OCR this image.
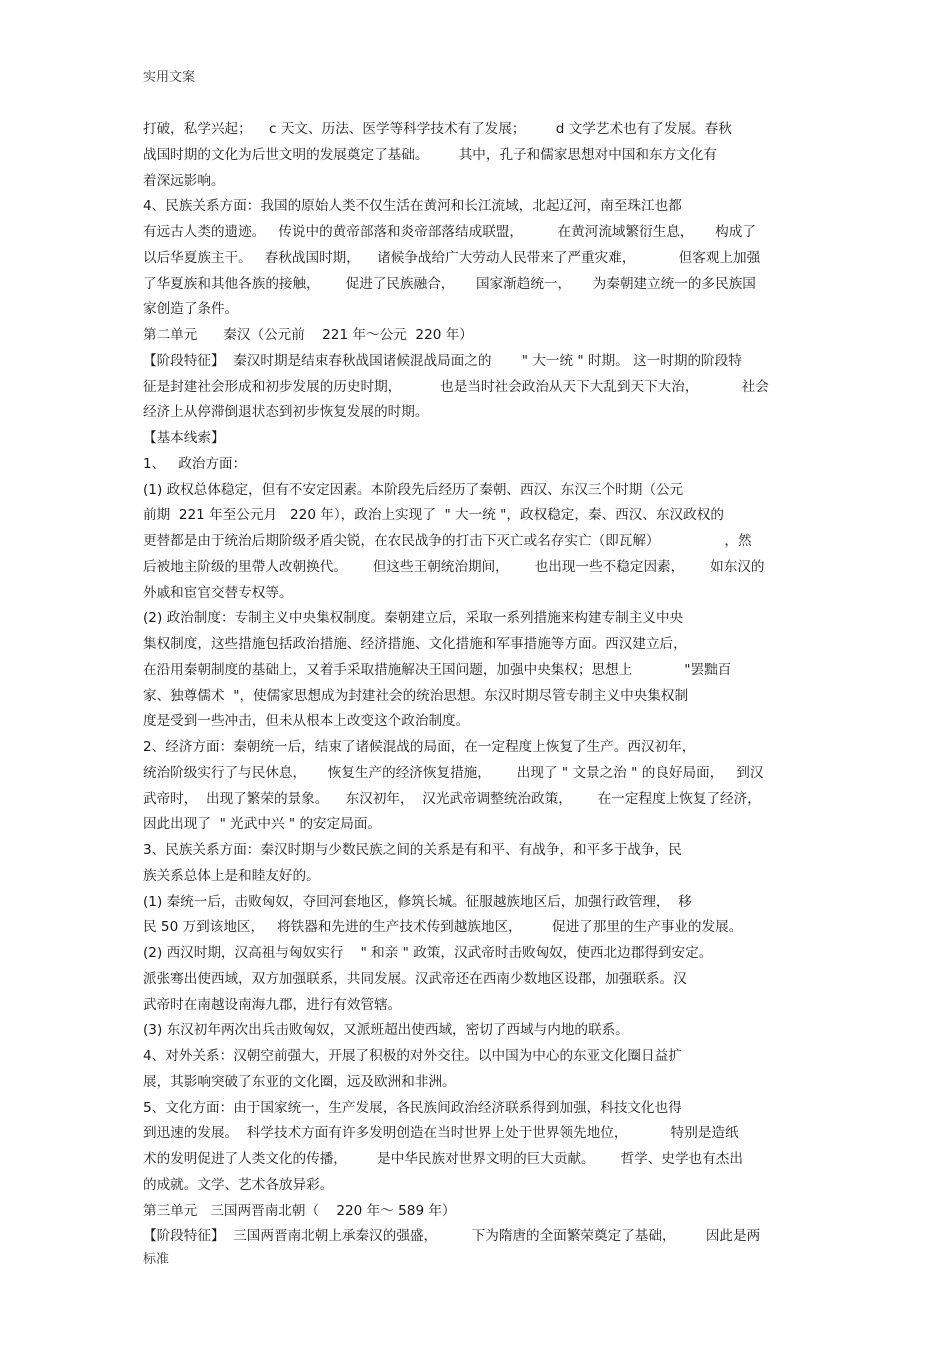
实用文案
打破，私学兴起；    c 天文、历法、医学等科学技术有了发展；       d 文学艺术也有了发展。春秋
战国时期的文化为后世文明的发展奠定了基础。       其中，孔子和儒家思想对中国和东方文化有
着深远影响。
4、民族关系方面：我国的原始人类不仅生活在黄河和长江流域，北起辽河，南至珠江也都
有远古人类的遗迹。   传说中的黄帝部落和炎帝部落结成联盟，        在黄河流域繁衍生息，     构成了
以后华夏族主干。   春秋战国时期，    诸候争战给广大劳动人民带来了严重灾难，          但客观上加强
了华夏族和其他各族的接触，      促进了民族融合，     国家渐趋统一，     为秦朝建立统一的多民族国
家创造了条件。
第二单元      秦汉（公元前    221 年～公元  220 年）
【阶段特征】  秦汉时期是结束春秋战国诸候混战局面之的       " 大一统 " 时期。 这一时期的阶段特
征是封建社会形成和初步发展的历史时期，         也是当时社会政治从天下大乱到天下大治，          社会
经济上从停滞倒退状态到初步恢复发展的时期。
【基本线索】
1、   政治方面：
(1) 政权总体稳定，但有不安定因素。本阶段先后经历了秦朝、西汉、东汉三个时期（公元
前期  221 年至公元月   220 年），政治上实现了  " 大一统 "，政权稳定，秦、西汉、东汉政权的
更替都是由于统治后期阶级矛盾尖锐，在农民战争的打击下灭亡或名存实亡（即瓦解）               ，然
后被地主阶级的里帶人改朝换代。      但这些王朝统治期间，      也出现一些不稳定因素，      如东汉的
外戚和宦官交替专权等。
(2) 政治制度：专制主义中央集权制度。秦朝建立后，采取一系列措施来构建专制主义中央
集权制度，这些措施包括政治措施、经济措施、文化措施和军事措施等方面。西汉建立后，
在沿用秦朝制度的基础上，又着手采取措施解决王国问题，加强中央集权；思想上            "罢黜百
家、独尊儒术  "，使儒家思想成为封建社会的统治思想。东汉时期尽管专制主义中央集权制
度是受到一些冲击，但未从根本上改变这个政治制度。
2、经济方面：秦朝统一后，结束了诸候混战的局面，在一定程度上恢复了生产。西汉初年，
统治阶级实行了与民休息，     恢复生产的经济恢复措施，      出现了 " 文景之治 " 的良好局面，   到汉
武帝时，  出现了繁荣的景象。    东汉初年，  汉光武帝调整统治政策，      在一定程度上恢复了经济，
因此出现了  " 光武中兴 " 的安定局面。
3、民族关系方面：秦汉时期与少数民族之间的关系是有和平、有战争，和平多于战争，民
族关系总体上是和睦友好的。
(1) 秦统一后，击败匈奴，夺回河套地区，修筑长城。征服越族地区后，加强行政管理，  移
民 50 万到该地区，   将铁器和先进的生产技术传到越族地区，       促进了那里的生产事业的发展。
(2) 西汉时期，汉高祖与匈奴实行    " 和亲 " 政策，汉武帝时击败匈奴，使西北边郡得到安定。
派张骞出使西域，双方加强联系，共同发展。汉武帝还在西南少数地区设郡，加强联系。汉
武帝时在南越设南海九郡，进行有效管辖。
(3) 东汉初年两次出兵击败匈奴，又派班超出使西域，密切了西域与内地的联系。
4、对外关系：汉朝空前强大，开展了积极的对外交往。以中国为中心的东亚文化圈日益扩
展，其影响突破了东亚的文化圈，远及欧洲和非洲。
5、文化方面：由于国家统一，生产发展，各民族间政治经济联系得到加强，科技文化也得
到迅速的发展。  科学技术方面有许多发明创造在当时世界上处于世界领先地位，          特别是造纸
术的发明促进了人类文化的传播，       是中华民族对世界文明的巨大贡献。      哲学、史学也有杰出
的成就。文学、艺术各放异彩。
第三单元   三国两晋南北朝（    220 年～ 589 年）
【阶段特征】  三国两晋南北朝上承秦汉的强盛，        下为隋唐的全面繁荣奠定了基础，       因此是两
标准
